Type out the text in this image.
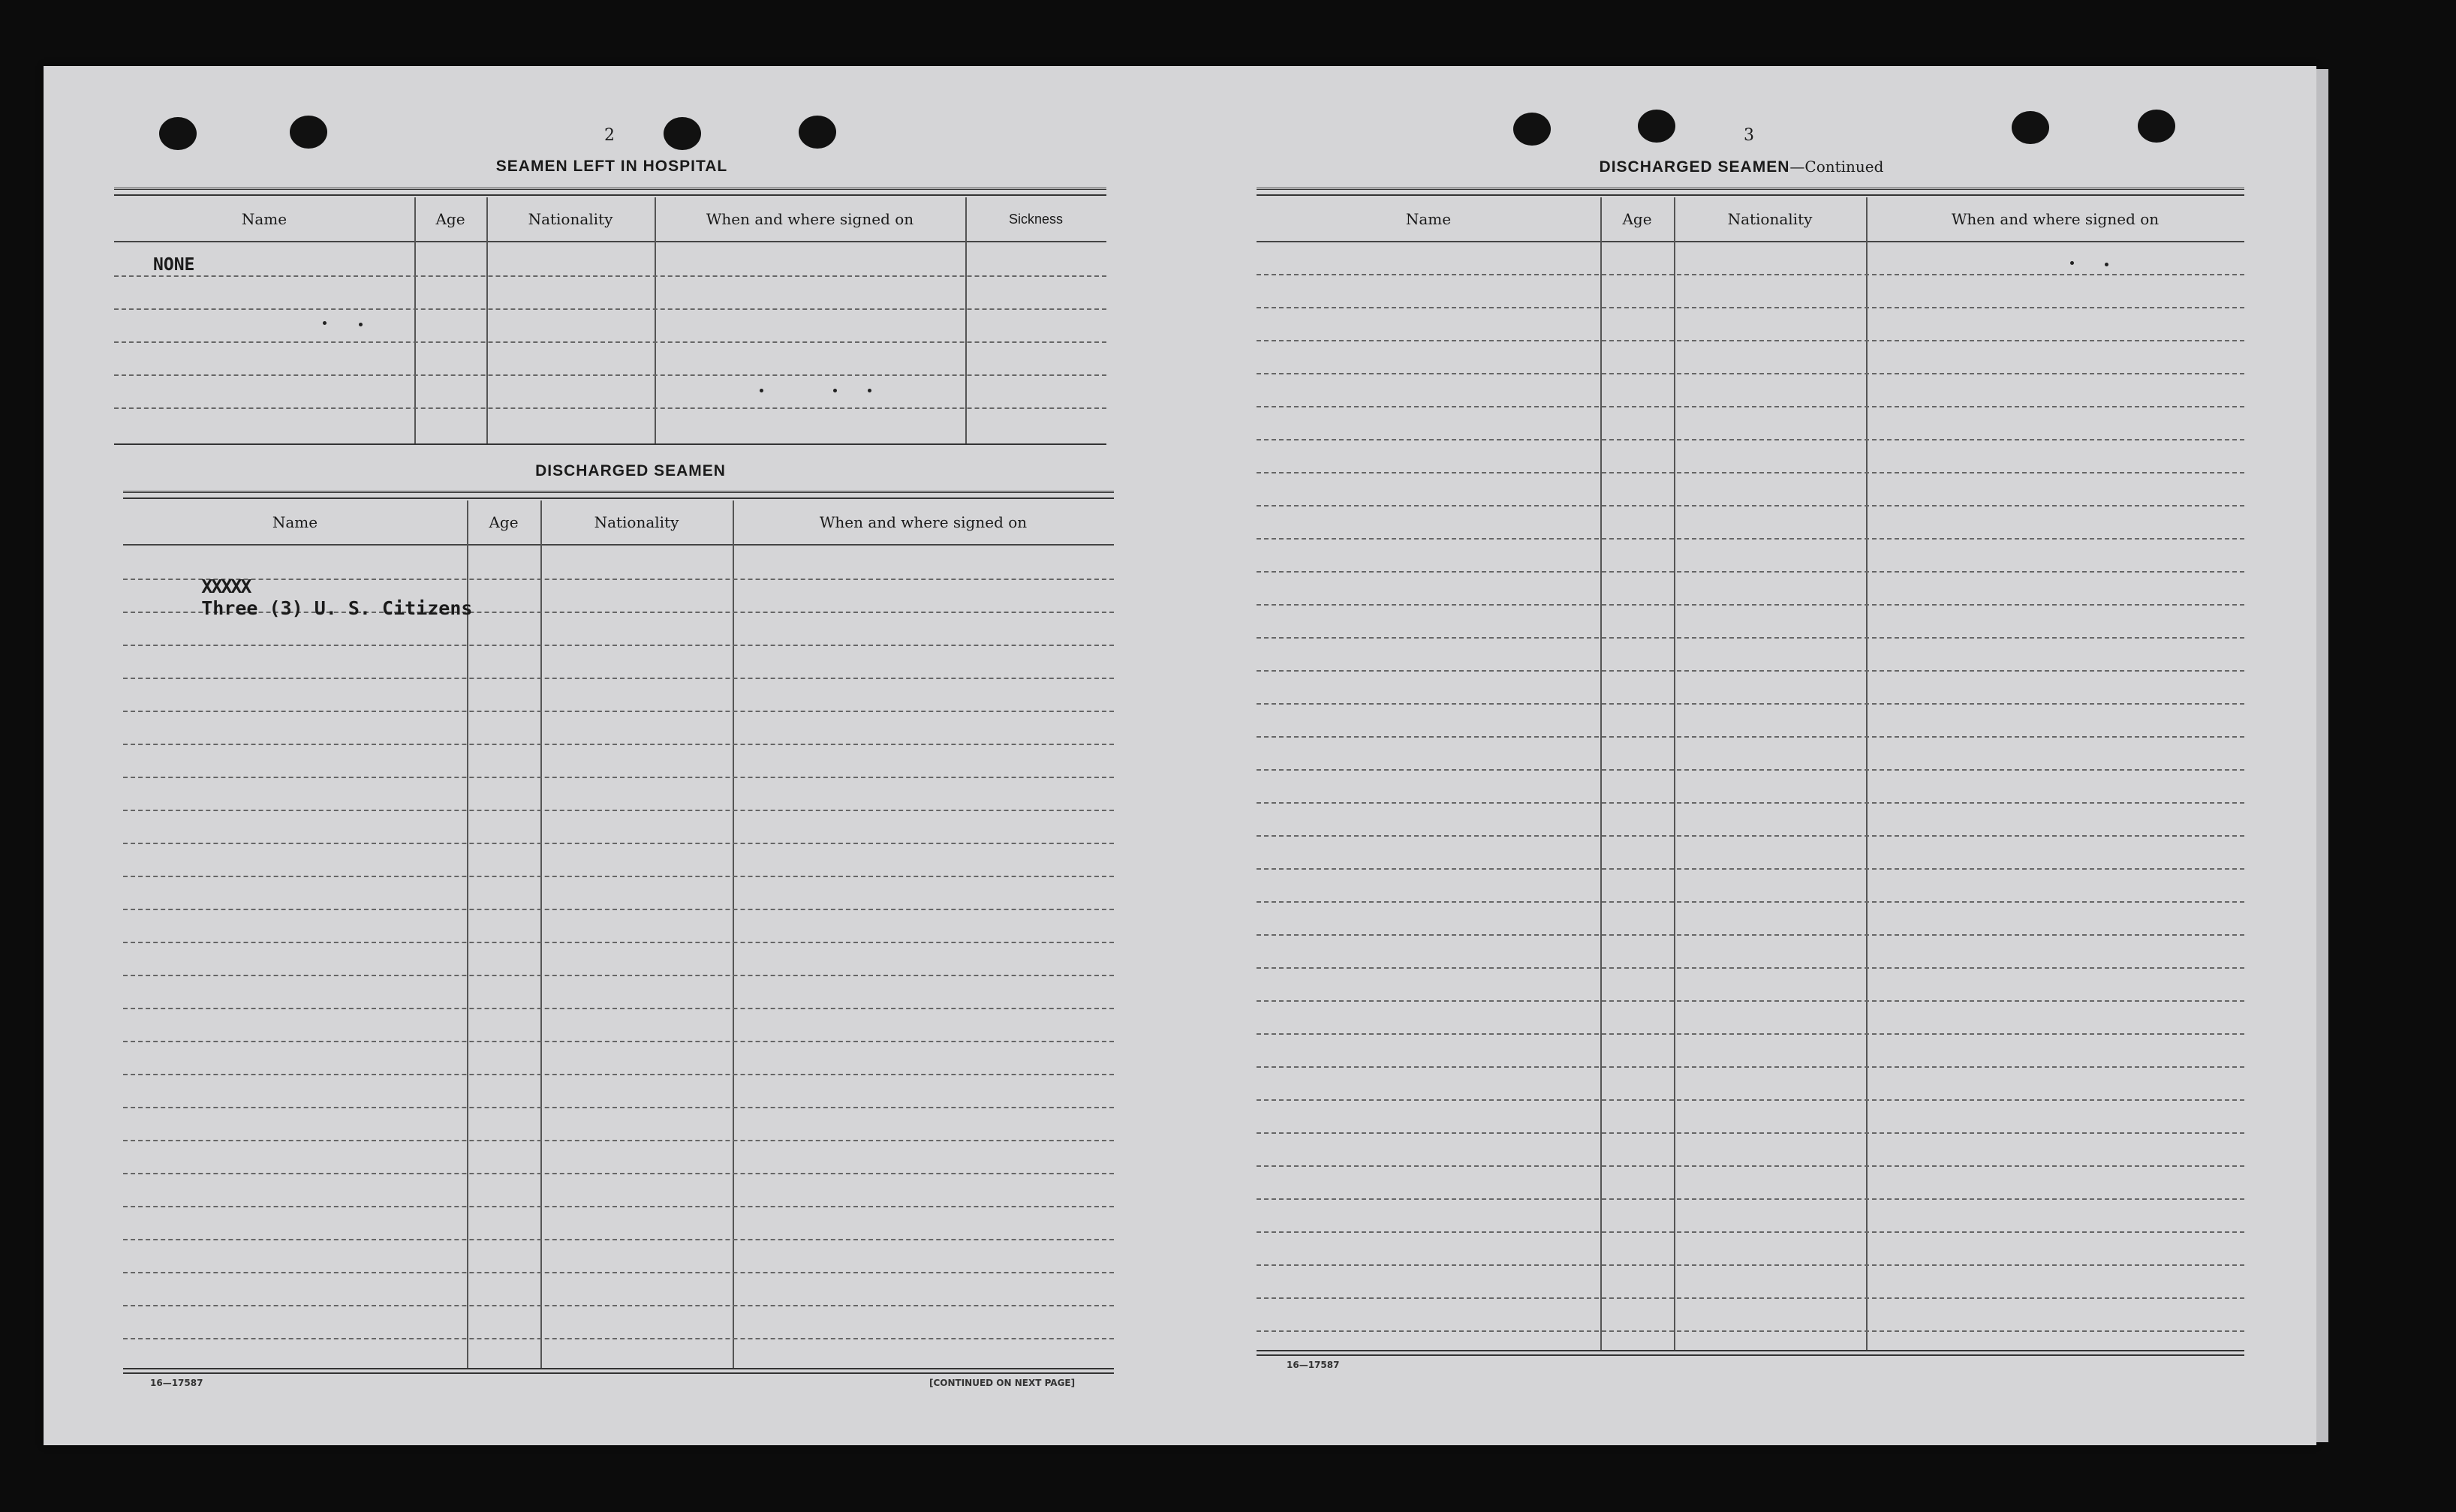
2
SEAMEN LEFT IN HOSPITAL
Name	Age	Nationality	When and where signed on	Sickness
NONE
DISCHARGED SEAMEN
Name	Age	Nationality	When and where signed on

XXXXX
Three (3) U. S. Citizens

16—17587	[CONTINUED ON NEXT PAGE]
3
DISCHARGED SEAMEN—Continued
Name	Age	Nationality	When and where signed on
16—17587
